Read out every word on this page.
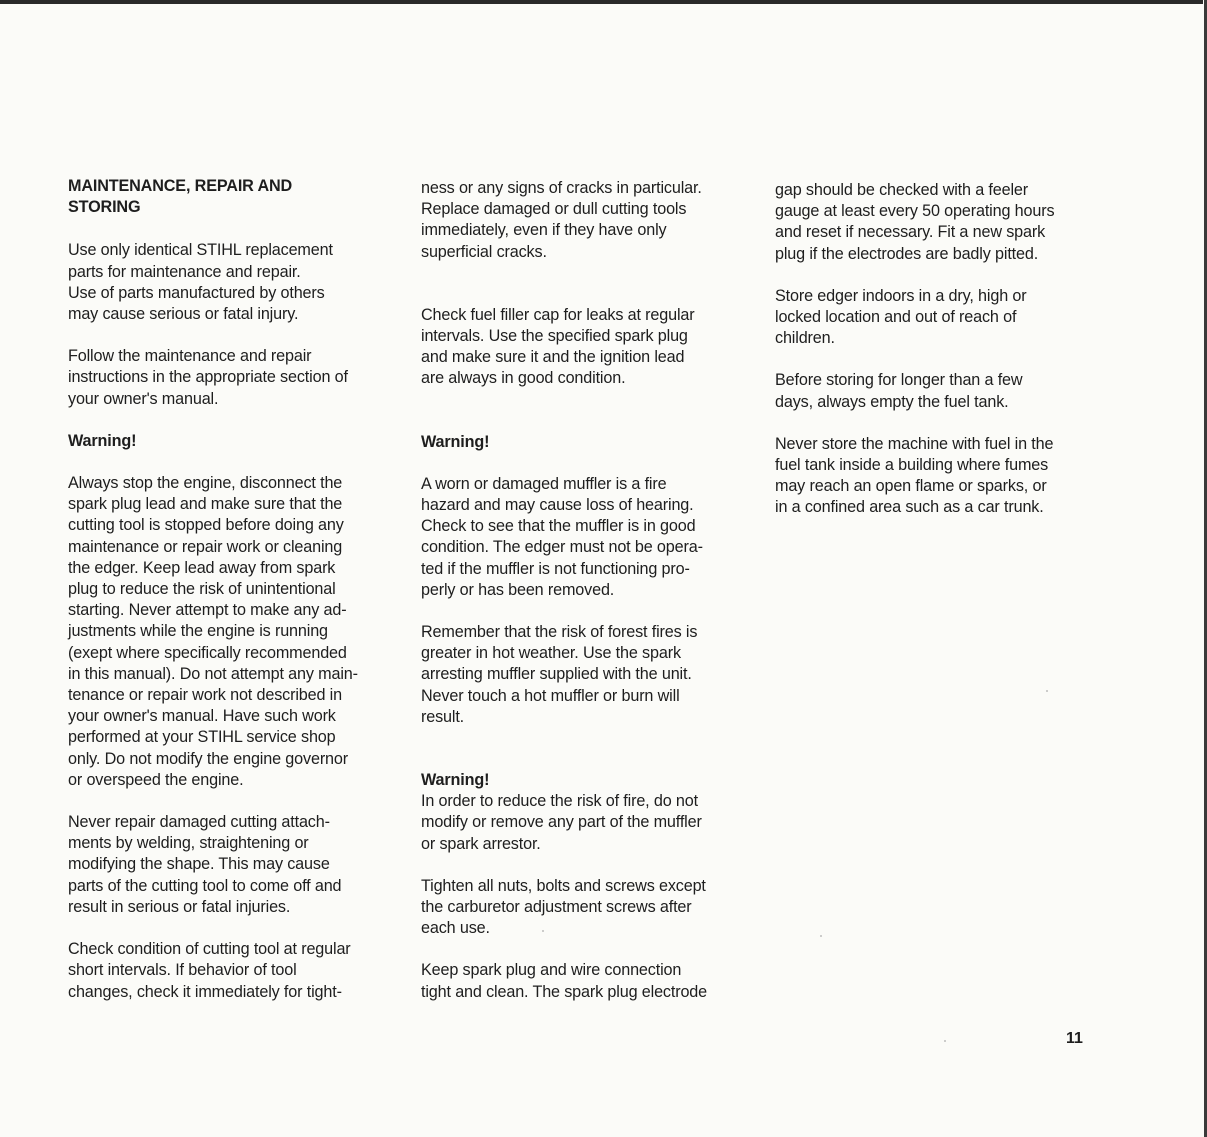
MAINTENANCE, REPAIR AND
STORING
Use only identical STIHL replacement
parts for maintenance and repair.
Use of parts manufactured by others
may cause serious or fatal injury.
Follow the maintenance and repair
instructions in the appropriate section of
your owner's manual.
Warning!
Always stop the engine, disconnect the
spark plug lead and make sure that the
cutting tool is stopped before doing any
maintenance or repair work or cleaning
the edger. Keep lead away from spark
plug to reduce the risk of unintentional
starting. Never attempt to make any ad-
justments while the engine is running
(exept where specifically recommended
in this manual). Do not attempt any main-
tenance or repair work not described in
your owner's manual. Have such work
performed at your STIHL service shop
only. Do not modify the engine governor
or overspeed the engine.
Never repair damaged cutting attach-
ments by welding, straightening or
modifying the shape. This may cause
parts of the cutting tool to come off and
result in serious or fatal injuries.
Check condition of cutting tool at regular
short intervals. If behavior of tool
changes, check it immediately for tight-
ness or any signs of cracks in particular.
Replace damaged or dull cutting tools
immediately, even if they have only
superficial cracks.
Check fuel filler cap for leaks at regular
intervals. Use the specified spark plug
and make sure it and the ignition lead
are always in good condition.
Warning!
A worn or damaged muffler is a fire
hazard and may cause loss of hearing.
Check to see that the muffler is in good
condition. The edger must not be opera-
ted if the muffler is not functioning pro-
perly or has been removed.
Remember that the risk of forest fires is
greater in hot weather. Use the spark
arresting muffler supplied with the unit.
Never touch a hot muffler or burn will
result.
Warning!
In order to reduce the risk of fire, do not
modify or remove any part of the muffler
or spark arrestor.
Tighten all nuts, bolts and screws except
the carburetor adjustment screws after
each use.
Keep spark plug and wire connection
tight and clean. The spark plug electrode
gap should be checked with a feeler
gauge at least every 50 operating hours
and reset if necessary. Fit a new spark
plug if the electrodes are badly pitted.
Store edger indoors in a dry, high or
locked location and out of reach of
children.
Before storing for longer than a few
days, always empty the fuel tank.
Never store the machine with fuel in the
fuel tank inside a building where fumes
may reach an open flame or sparks, or
in a confined area such as a car trunk.
11
